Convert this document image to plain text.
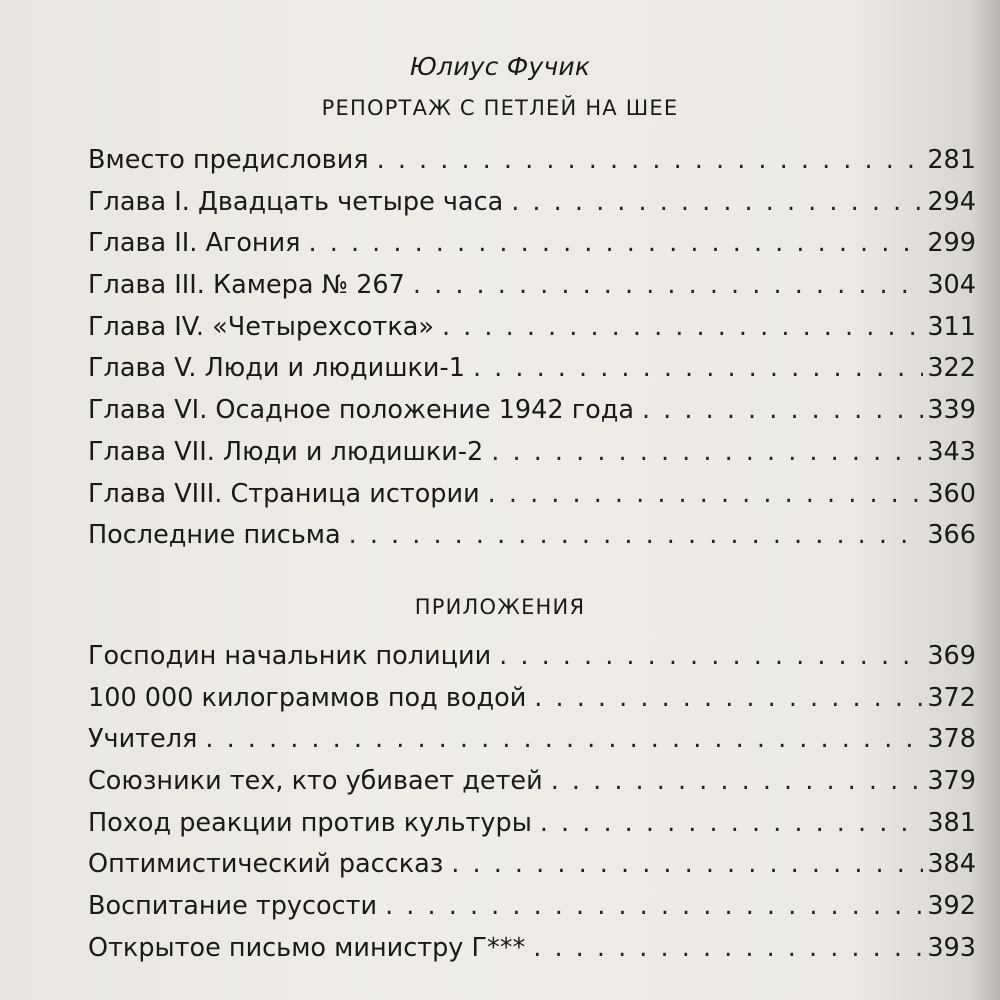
Юлиус Фучик
РЕПОРТАЖ С ПЕТЛЕЙ НА ШЕЕ
Вместо предисловия . . .	281
Глава I. Двадцать четыре часа . . .	294
Глава II. Агония . . .	299
Глава III. Камера № 267 . . .	304
Глава IV. «Четырехсотка» . . .	311
Глава V. Люди и людишки-1 . . .	322
Глава VI. Осадное положение 1942 года . . .	339
Глава VII. Люди и людишки-2 . . .	343
Глава VIII. Страница истории . . .	360
Последние письма . . .	366
ПРИЛОЖЕНИЯ
Господин начальник полиции . . .	369
100 000 килограммов под водой . . .	372
Учителя . . .	378
Союзники тех, кто убивает детей . . .	379
Поход реакции против культуры . . .	381
Оптимистический рассказ . . .	384
Воспитание трусости . . .	392
Открытое письмо министру Г*** . . .	393
